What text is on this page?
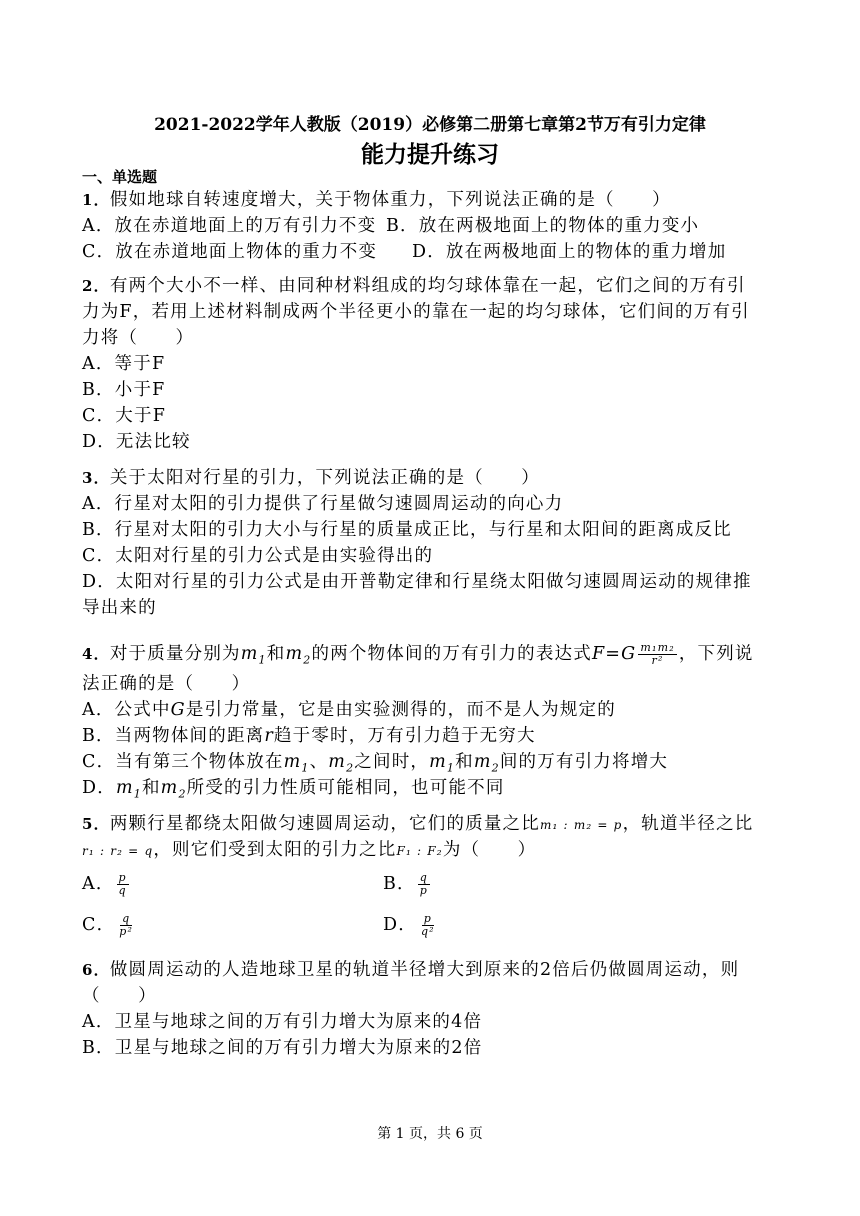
2021-2022学年人教版（2019）必修第二册第七章第2节万有引力定律
能力提升练习
一、单选题
1．假如地球自转速度增大，关于物体重力，下列说法正确的是（　　）
A．放在赤道地面上的万有引力不变 B．放在两极地面上的物体的重力变小
C．放在赤道地面上物体的重力不变 D．放在两极地面上的物体的重力增加
2．有两个大小不一样、由同种材料组成的均匀球体靠在一起，它们之间的万有引
力为F，若用上述材料制成两个半径更小的靠在一起的均匀球体，它们间的万有引
力将（　　）
A．等于F
B．小于F
C．大于F
D．无法比较
3．关于太阳对行星的引力，下列说法正确的是（　　）
A．行星对太阳的引力提供了行星做匀速圆周运动的向心力
B．行星对太阳的引力大小与行星的质量成正比，与行星和太阳间的距离成反比
C．太阳对行星的引力公式是由实验得出的
D．太阳对行星的引力公式是由开普勒定律和行星绕太阳做匀速圆周运动的规律推
导出来的
4．对于质量分别为$m_1$和$m_2$的两个物体间的万有引力的表达式$F=G \frac{\text{m₁m₂}}{\text{r²}}$ ，下列说
法正确的是（　　）
A．公式中G是引力常量，它是由实验测得的，而不是人为规定的
B．当两物体间的距离r趋于零时，万有引力趋于无穷大
C．当有第三个物体放在$m_1$、$m_2$之间时，$m_1$和$m_2$间的万有引力将增大
D．$m_1$和$m_2$所受的引力性质可能相同，也可能不同
5．两颗行星都绕太阳做匀速圆周运动，它们的质量之比m₁ : m₂ = p，轨道半径之比
r₁ : r₂ = q，则它们受到太阳的引力之比F₁ : F₂为（　　）
A． $\frac{p}{q}$	B． $\frac{q}{p}$
C． $\frac{q}{\text{p²}}$	D． $\frac{p}{\text{q²}}$
6．做圆周运动的人造地球卫星的轨道半径增大到原来的2倍后仍做圆周运动，则
（　　）
A．卫星与地球之间的万有引力增大为原来的4倍
B．卫星与地球之间的万有引力增大为原来的2倍
第 1 页，共 6 页
